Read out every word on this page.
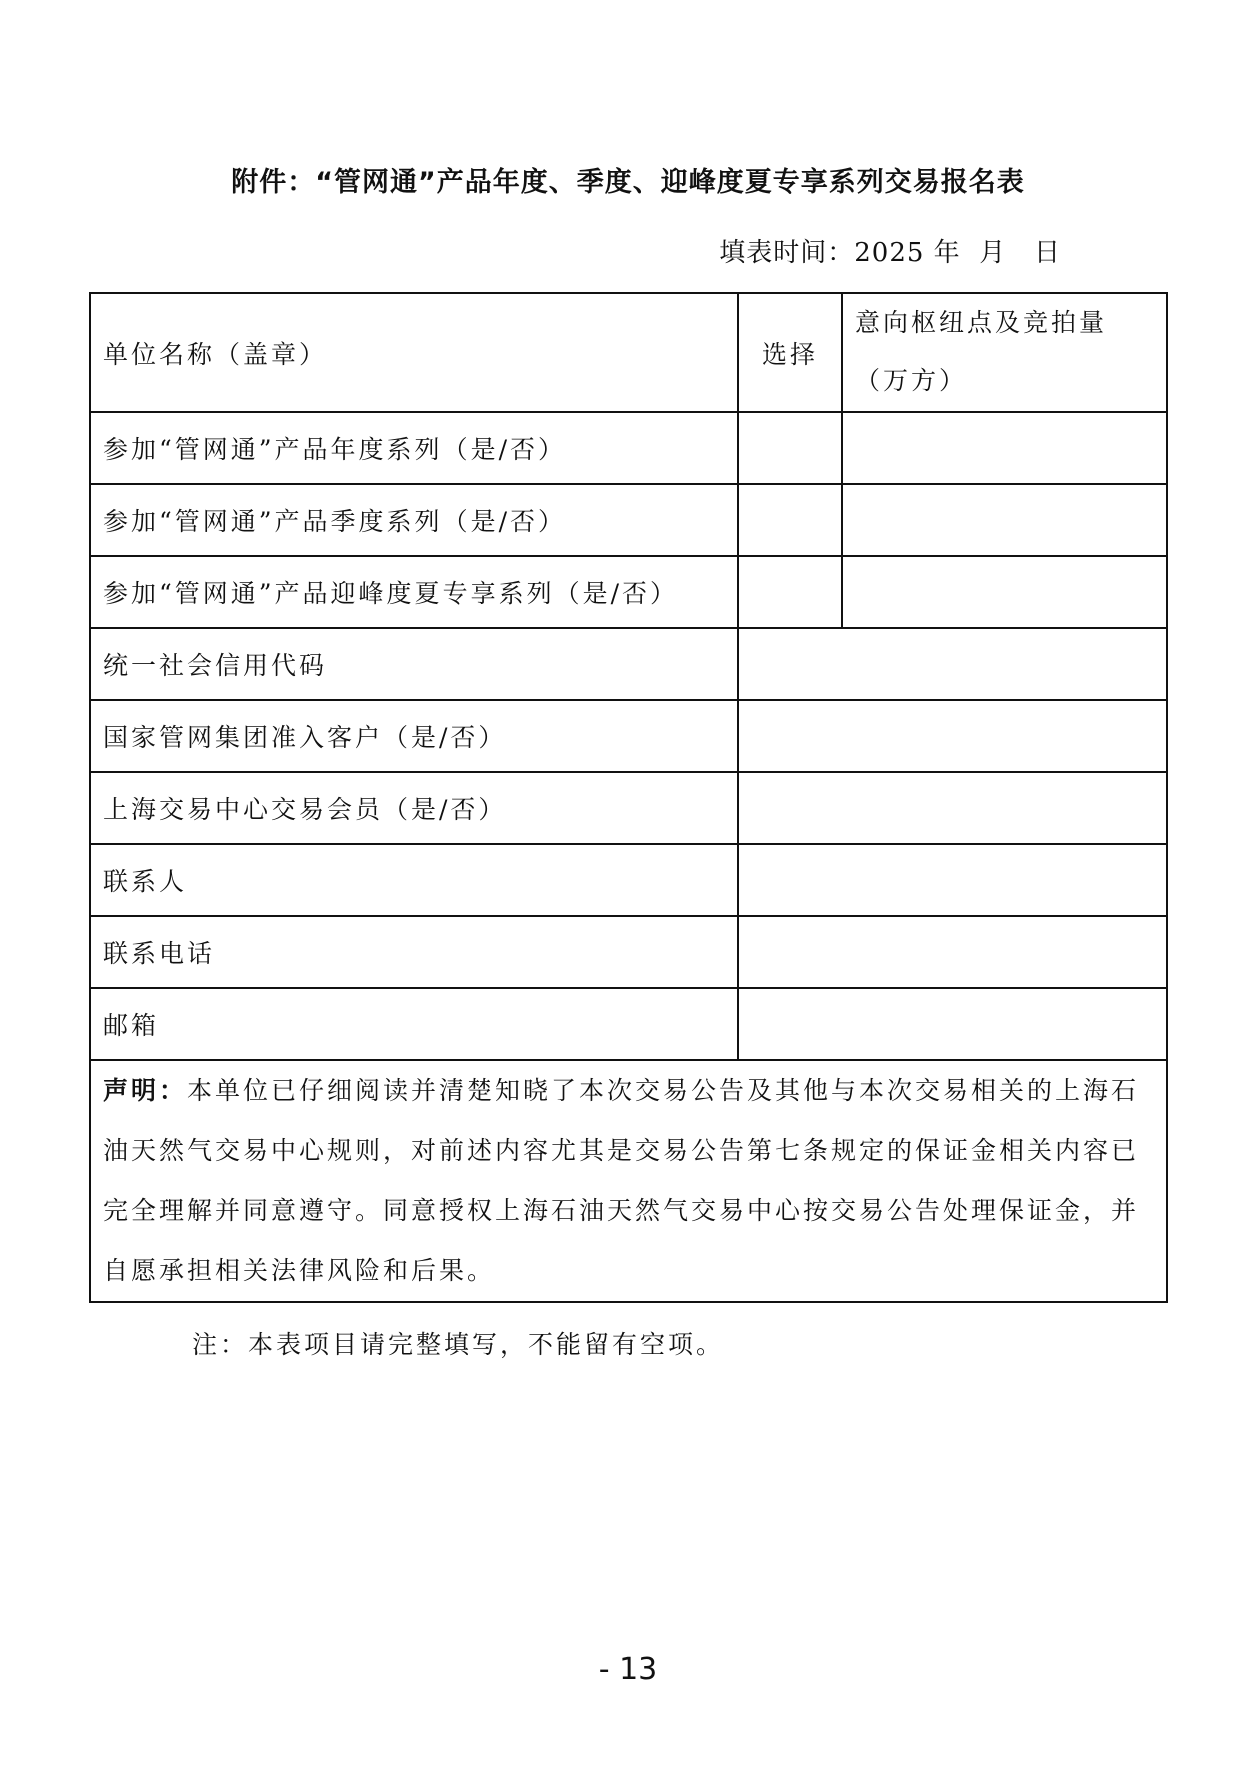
附件：“管网通”产品年度、季度、迎峰度夏专享系列交易报名表
填表时间：2025 年  月   日
单位名称（盖章）	选择	意向枢纽点及竞拍量（万方）
参加“管网通”产品年度系列（是/否）		
参加“管网通”产品季度系列（是/否）		
参加“管网通”产品迎峰度夏专享系列（是/否）		
统一社会信用代码		
国家管网集团准入客户（是/否）		
上海交易中心交易会员（是/否）		
联系人		
联系电话		
邮箱		
声明：本单位已仔细阅读并清楚知晓了本次交易公告及其他与本次交易相关的上海石油天然气交易中心规则，对前述内容尤其是交易公告第七条规定的保证金相关内容已完全理解并同意遵守。同意授权上海石油天然气交易中心按交易公告处理保证金，并自愿承担相关法律风险和后果。		
注：本表项目请完整填写，不能留有空项。
- 13
